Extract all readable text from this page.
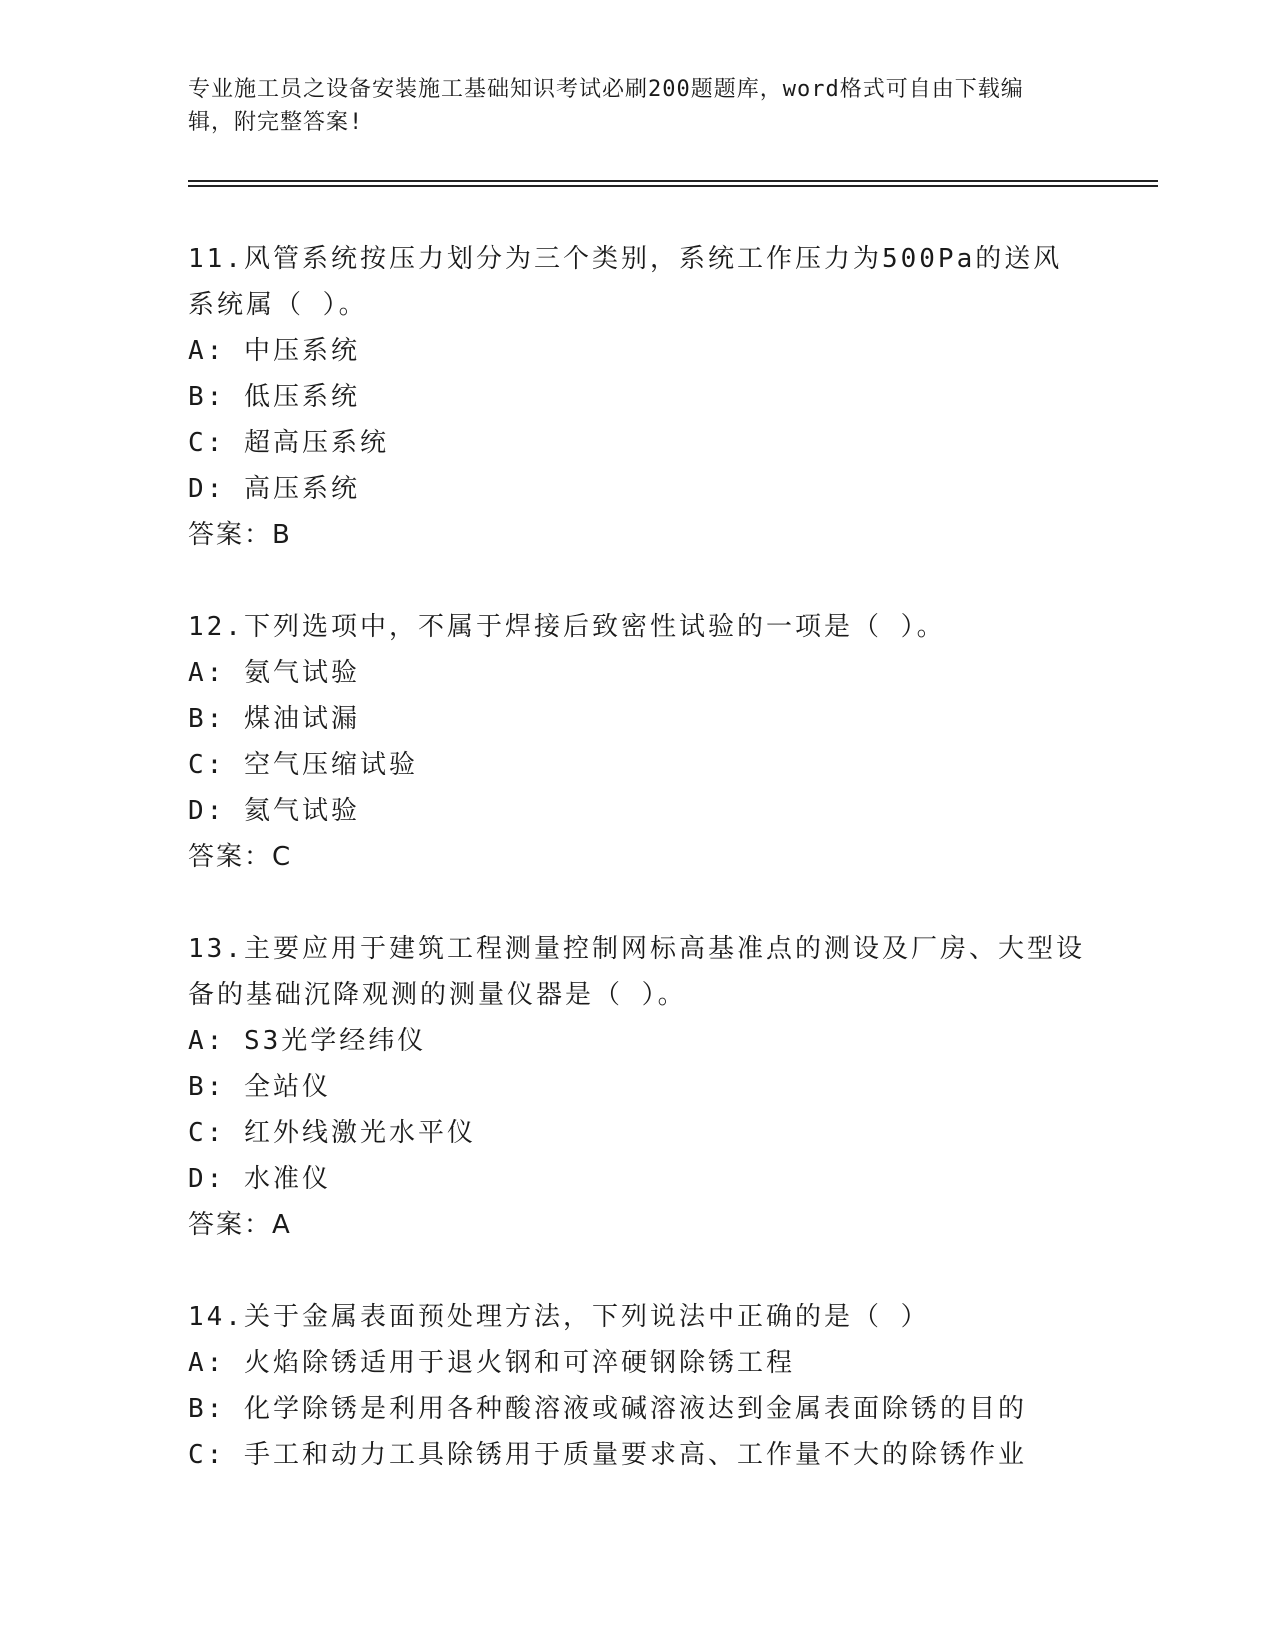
专业施工员之设备安装施工基础知识考试必刷200题题库，word格式可自由下载编辑，附完整答案!

11.风管系统按压力划分为三个类别，系统工作压力为500Pa的送风系统属（ ）。

A: 中压系统

B: 低压系统

C: 超高压系统

D: 高压系统

答案：B

12.下列选项中，不属于焊接后致密性试验的一项是（ ）。

A: 氨气试验

B: 煤油试漏

C: 空气压缩试验

D: 氦气试验

答案：C

13.主要应用于建筑工程测量控制网标高基准点的测设及厂房、大型设备的基础沉降观测的测量仪器是（ ）。

A: S3光学经纬仪

B: 全站仪

C: 红外线激光水平仪

D: 水准仪

答案：A

14.关于金属表面预处理方法，下列说法中正确的是（ ）

A: 火焰除锈适用于退火钢和可淬硬钢除锈工程

B: 化学除锈是利用各种酸溶液或碱溶液达到金属表面除锈的目的

C: 手工和动力工具除锈用于质量要求高、工作量不大的除锈作业
